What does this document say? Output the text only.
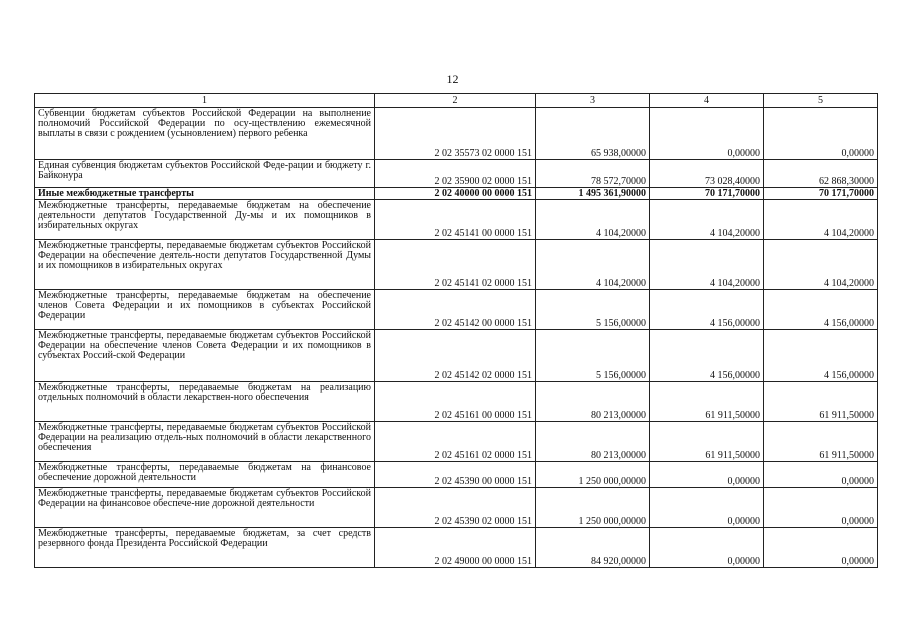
12
1	2	3	4	5
Субвенции бюджетам субъектов Российской Федерации на выполнение полномочий Российской Федерации по осу-ществлению ежемесячной выплаты в связи с рождением (усыновлением) первого ребенка	2 02 35573 02 0000 151	65 938,00000	0,00000	0,00000
Единая субвенция бюджетам субъектов Российской Феде-рации и бюджету г. Байконура	2 02 35900 02 0000 151	78 572,70000	73 028,40000	62 868,30000
Иные межбюджетные трансферты	2 02 40000 00 0000 151	1 495 361,90000	70 171,70000	70 171,70000
Межбюджетные трансферты, передаваемые бюджетам на обеспечение деятельности депутатов Государственной Ду-мы и их помощников в избирательных округах	2 02 45141 00 0000 151	4 104,20000	4 104,20000	4 104,20000
Межбюджетные трансферты, передаваемые бюджетам субъектов Российской Федерации на обеспечение деятель-ности депутатов Государственной Думы и их помощников в избирательных округах	2 02 45141 02 0000 151	4 104,20000	4 104,20000	4 104,20000
Межбюджетные трансферты, передаваемые бюджетам на обеспечение членов Совета Федерации и их помощников в субъектах Российской Федерации	2 02 45142 00 0000 151	5 156,00000	4 156,00000	4 156,00000
Межбюджетные трансферты, передаваемые бюджетам субъектов Российской Федерации на обеспечение членов Совета Федерации и их помощников в субъектах Россий-ской Федерации	2 02 45142 02 0000 151	5 156,00000	4 156,00000	4 156,00000
Межбюджетные трансферты, передаваемые бюджетам на реализацию отдельных полномочий в области лекарствен-ного обеспечения	2 02 45161 00 0000 151	80 213,00000	61 911,50000	61 911,50000
Межбюджетные трансферты, передаваемые бюджетам субъектов Российской Федерации на реализацию отдель-ных полномочий в области лекарственного обеспечения	2 02 45161 02 0000 151	80 213,00000	61 911,50000	61 911,50000
Межбюджетные трансферты, передаваемые бюджетам на финансовое обеспечение дорожной деятельности	2 02 45390 00 0000 151	1 250 000,00000	0,00000	0,00000
Межбюджетные трансферты, передаваемые бюджетам субъектов Российской Федерации на финансовое обеспече-ние дорожной деятельности	2 02 45390 02 0000 151	1 250 000,00000	0,00000	0,00000
Межбюджетные трансферты, передаваемые бюджетам, за счет средств резервного фонда Президента Российской Федерации	2 02 49000 00 0000 151	84 920,00000	0,00000	0,00000
